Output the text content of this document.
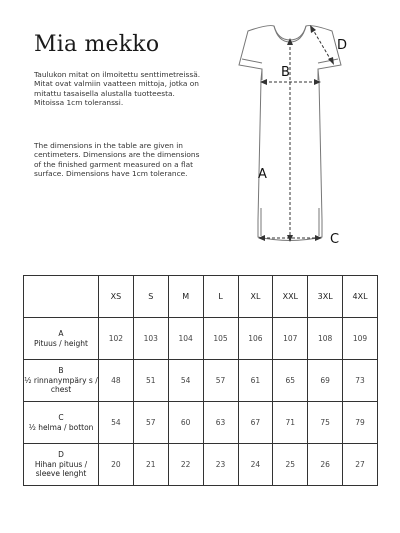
Mia mekko
Taulukon mitat on ilmoitettu senttimetreissä. Mitat ovat valmiin vaatteen mittoja, jotka on mitattu tasaisella alustalla tuotteesta. Mitoissa 1cm toleranssi.
The dimensions in the table are given in centimeters. Dimensions are the dimensions of the finished garment measured on a flat surface. Dimensions have 1cm tolerance.
D
B
A
C
	XS	S	M	L	XL	XXL	3XL	4XL

A
Pituus / height	102	103	104	105	106	107	108	109

B
½ rinnanympäry s / chest	48	51	54	57	61	65	69	73

C
½ helma / botton	54	57	60	63	67	71	75	79

D
Hihan pituus / sleeve lenght	20	21	22	23	24	25	26	27
